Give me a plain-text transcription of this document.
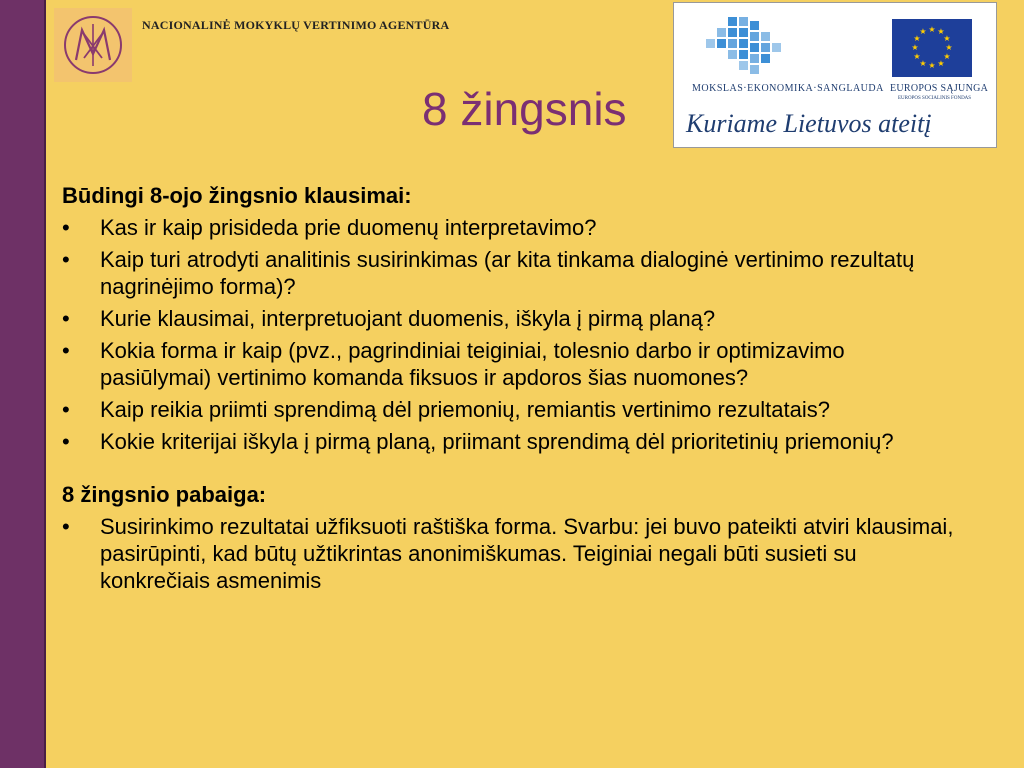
NACIONALINĖ MOKYKLŲ VERTINIMO AGENTŪRA
8 žingsnis	MOKSLAS·EKONOMIKA·SANGLAUDA
★ ★
★
★
★
★
★
★
★
★
★
★
EUROPOS SĄJUNGA
EUROPOS SOCIALINIS FONDAS
Kuriame Lietuvos ateitį
Būdingi 8-ojo žingsnio klausimai:
• Kas ir kaip prisideda prie duomenų interpretavimo?
• Kaip turi atrodyti analitinis susirinkimas (ar kita tinkama dialoginė vertinimo rezultatų nagrinėjimo forma)?
• Kurie klausimai, interpretuojant duomenis, iškyla į pirmą planą?
• Kokia forma ir kaip (pvz., pagrindiniai teiginiai, tolesnio darbo ir optimizavimo pasiūlymai) vertinimo komanda fiksuos ir apdoros šias nuomones?
• Kaip reikia priimti sprendimą dėl priemonių, remiantis vertinimo rezultatais?
• Kokie kriterijai iškyla į pirmą planą, priimant sprendimą dėl prioritetinių priemonių?
8 žingsnio pabaiga:
• Susirinkimo rezultatai užfiksuoti raštiška forma. Svarbu: jei buvo pateikti atviri klausimai, pasirūpinti, kad būtų užtikrintas anonimiškumas. Teiginiai negali būti susieti su konkrečiais asmenimis
